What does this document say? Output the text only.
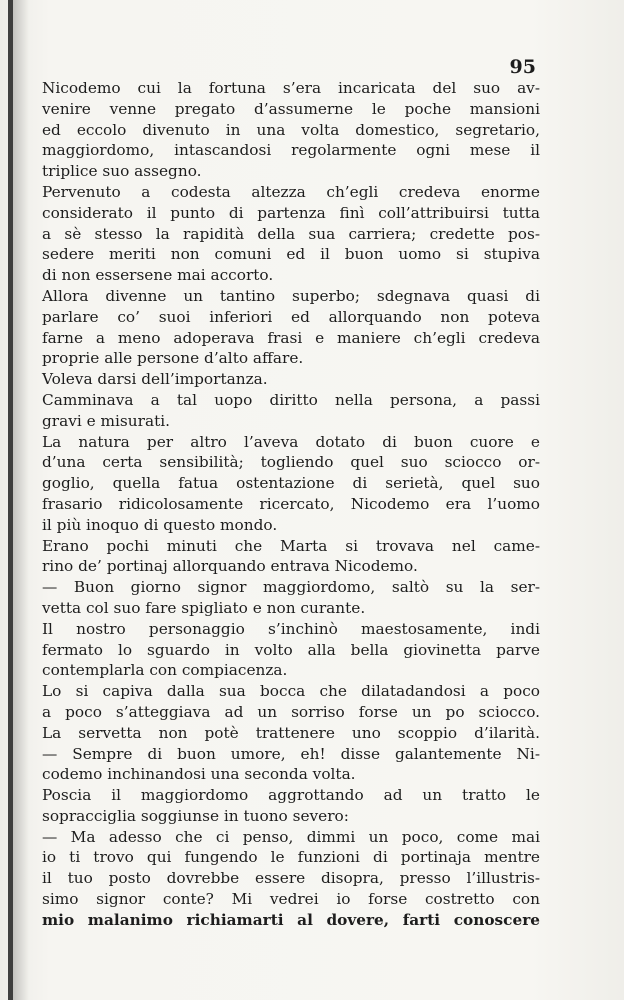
95
Nicodemo cui la fortuna s’era incaricata del suo av-
venire venne pregato d’assumerne le poche mansioni
ed eccolo divenuto in una volta domestico, segretario,
maggiordomo, intascandosi regolarmente ogni mese il
triplice suo assegno.
Pervenuto a codesta altezza ch’egli credeva enorme
considerato il punto di partenza finì coll’attribuirsi tutta
a sè stesso la rapidità della sua carriera; credette pos-
sedere meriti non comuni ed il buon uomo si stupiva
di non essersene mai accorto.
Allora divenne un tantino superbo; sdegnava quasi di
parlare co’ suoi inferiori ed allorquando non poteva
farne a meno adoperava frasi e maniere ch’egli credeva
proprie alle persone d’alto affare.
Voleva darsi dell’importanza.
Camminava a tal uopo diritto nella persona, a passi
gravi e misurati.
La natura per altro l’aveva dotato di buon cuore e
d’una certa sensibilità; togliendo quel suo sciocco or-
goglio, quella fatua ostentazione di serietà, quel suo
frasario ridicolosamente ricercato, Nicodemo era l’uomo
il più inoquo di questo mondo.
Erano pochi minuti che Marta si trovava nel came-
rino de’ portinaj allorquando entrava Nicodemo.
— Buon giorno signor maggiordomo, saltò su la ser-
vetta col suo fare spigliato e non curante.
Il nostro personaggio s’inchinò maestosamente, indi
fermato lo sguardo in volto alla bella giovinetta parve
contemplarla con compiacenza.
Lo si capiva dalla sua bocca che dilatadandosi a poco
a poco s’atteggiava ad un sorriso forse un po sciocco.
La servetta non potè trattenere uno scoppio d’ilarità.
— Sempre di buon umore, eh! disse galantemente Ni-
codemo inchinandosi una seconda volta.
Poscia il maggiordomo aggrottando ad un tratto le
sopracciglia soggiunse in tuono severo:
— Ma adesso che ci penso, dimmi un poco, come mai
io ti trovo qui fungendo le funzioni di portinaja mentre
il tuo posto dovrebbe essere disopra, presso l’illustris-
simo signor conte? Mi vedrei io forse costretto con
mio malanimo richiamarti al dovere, farti conoscere
